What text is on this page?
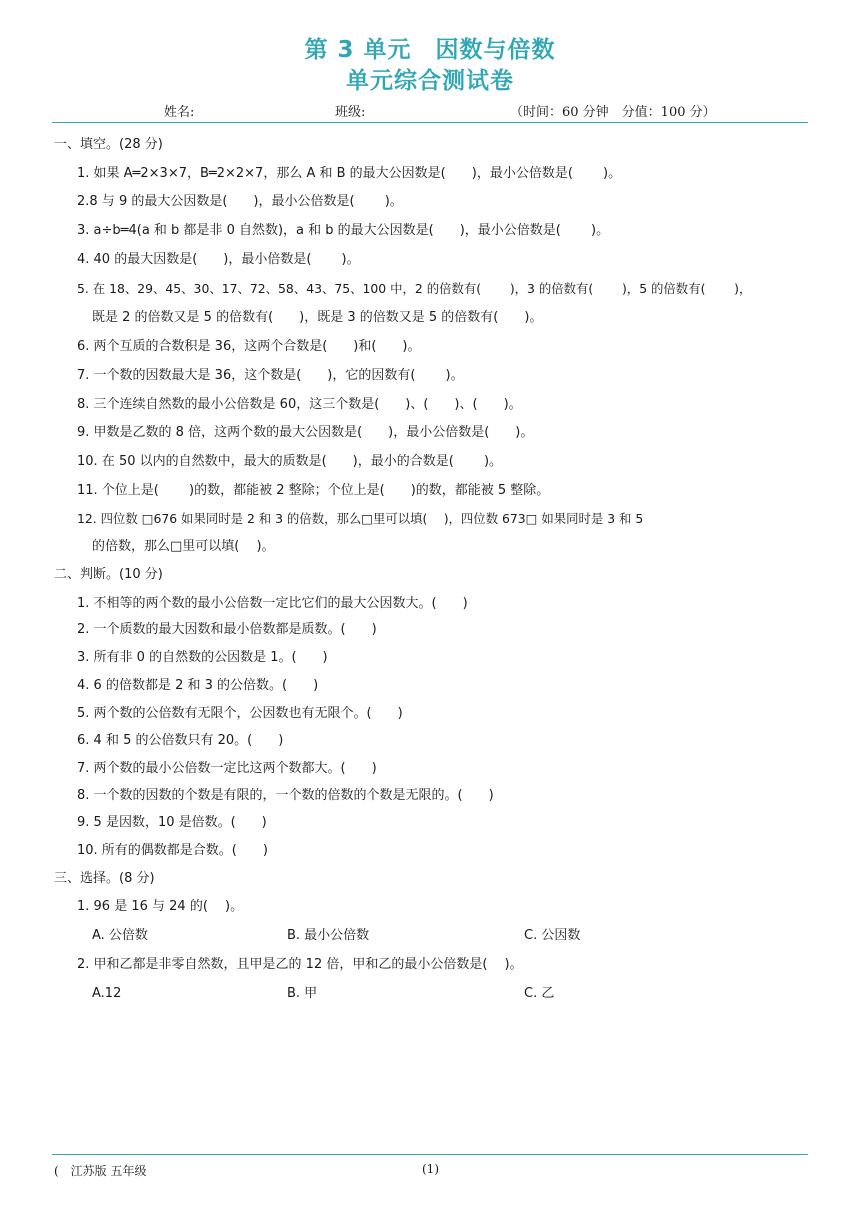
第 3 单元　因数与倍数
单元综合测试卷
姓名:	班级:	（时间：60 分钟　分值：100 分）
一、填空。(28 分)
1. 如果 A═2×3×7，B═2×2×7，那么 A 和 B 的最大公因数是(　　)，最小公倍数是(　　 )。
2.8 与 9 的最大公因数是(　　)，最小公倍数是(　　 )。
3. a÷b═4(a 和 b 都是非 0 自然数)，a 和 b 的最大公因数是(　　)，最小公倍数是(　　 )。
4. 40 的最大因数是(　　)，最小倍数是(　　 )。
5. 在 18、29、45、30、17、72、58、43、75、100 中，2 的倍数有(　　 )，3 的倍数有(　　 )，5 的倍数有(　　 )，
既是 2 的倍数又是 5 的倍数有(　　)，既是 3 的倍数又是 5 的倍数有(　　)。
6. 两个互质的合数积是 36，这两个合数是(　　)和(　　)。
7. 一个数的因数最大是 36，这个数是(　　)，它的因数有(　　 )。
8. 三个连续自然数的最小公倍数是 60，这三个数是(　　)、(　　)、(　　)。
9. 甲数是乙数的 8 倍，这两个数的最大公因数是(　　)，最小公倍数是(　　)。
10. 在 50 以内的自然数中，最大的质数是(　　)，最小的合数是(　　 )。
11. 个位上是(　　 )的数，都能被 2 整除；个位上是(　　)的数，都能被 5 整除。
12. 四位数 □676 如果同时是 2 和 3 的倍数，那么□里可以填(　 )，四位数 673□ 如果同时是 3 和 5
的倍数，那么□里可以填(　 )。
二、判断。(10 分)
1. 不相等的两个数的最小公倍数一定比它们的最大公因数大。(　　)
2. 一个质数的最大因数和最小倍数都是质数。(　　)
3. 所有非 0 的自然数的公因数是 1。(　　)
4. 6 的倍数都是 2 和 3 的公倍数。(　　)
5. 两个数的公倍数有无限个，公因数也有无限个。(　　)
6. 4 和 5 的公倍数只有 20。(　　)
7. 两个数的最小公倍数一定比这两个数都大。(　　)
8. 一个数的因数的个数是有限的，一个数的倍数的个数是无限的。(　　)
9. 5 是因数，10 是倍数。(　　)
10. 所有的偶数都是合数。(　　)
三、选择。(8 分)
1. 96 是 16 与 24 的(　 )。
A. 公倍数	B. 最小公倍数	C. 公因数
2. 甲和乙都是非零自然数，且甲是乙的 12 倍，甲和乙的最小公倍数是(　 )。
A.12	B. 甲	C. 乙
(　江苏版 五年级	(1)
